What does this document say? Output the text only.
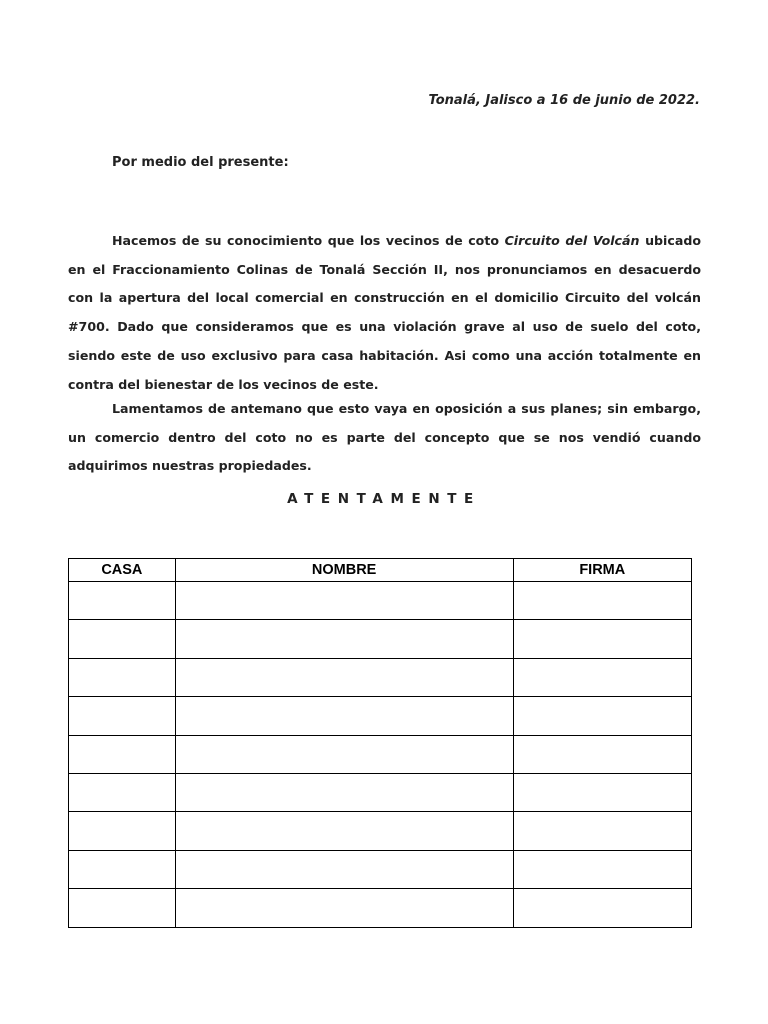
Tonalá, Jalisco a 16 de junio de 2022.
Por medio del presente:

Hacemos de su conocimiento que los vecinos de coto Circuito del Volcán ubicado en el Fraccionamiento Colinas de Tonalá Sección II, nos pronunciamos en desacuerdo con la apertura del local comercial en construcción en el domicilio Circuito del volcán #700. Dado que consideramos que es una violación grave al uso de suelo del coto, siendo este de uso exclusivo para casa habitación. Asi como una acción totalmente en contra del bienestar de los vecinos de este.

Lamentamos de antemano que esto vaya en oposición a sus planes; sin embargo, un comercio dentro del coto no es parte del concepto que se nos vendió cuando adquirimos nuestras propiedades.

ATENTAMENTE
CASA	NOMBRE	FIRMA
